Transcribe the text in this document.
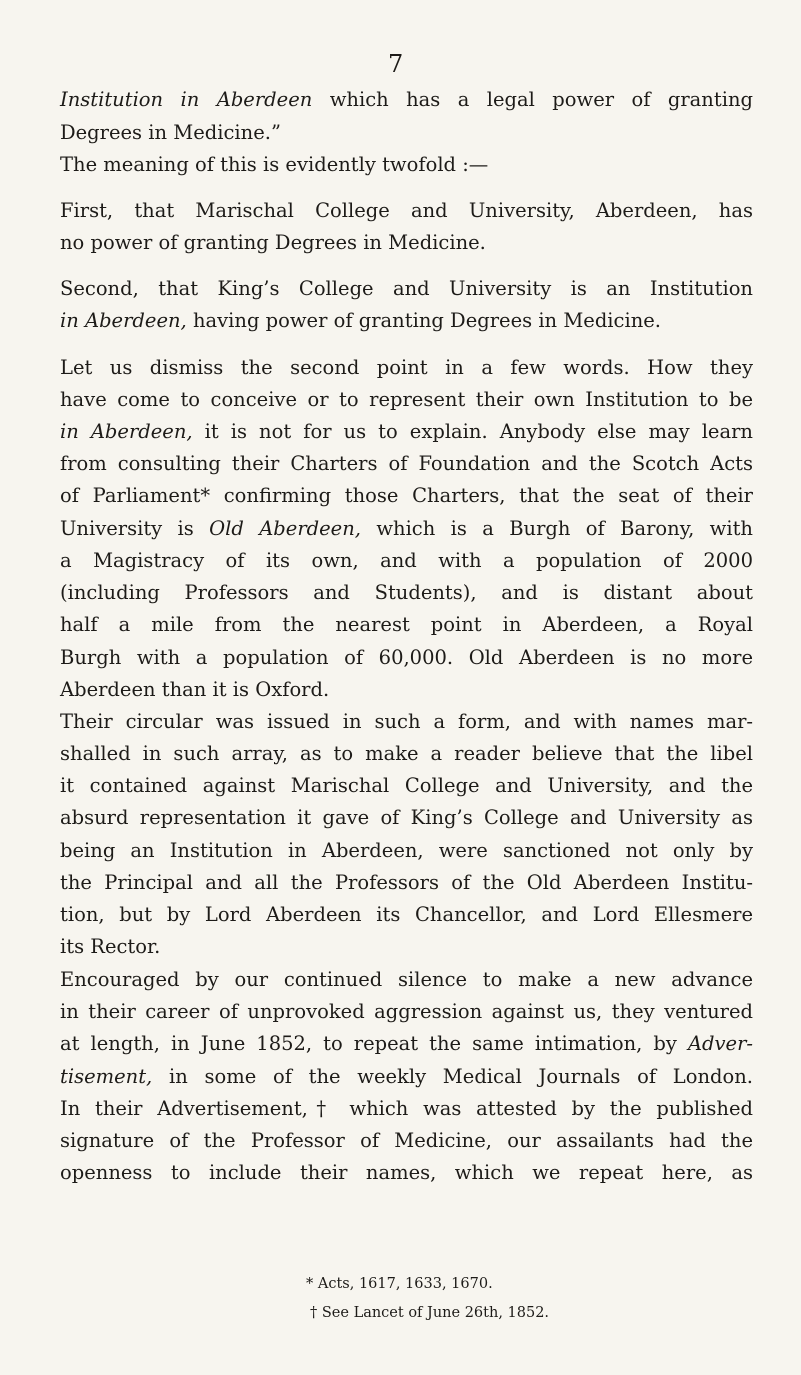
7
Institution in Aberdeen which has a legal power of granting
Degrees in Medicine.”
The meaning of this is evidently twofold :—
First, that Marischal College and University, Aberdeen, has
no power of granting Degrees in Medicine.
Second, that King’s College and University is an Institution
in Aberdeen, having power of granting Degrees in Medicine.
Let us dismiss the second point in a few words. How they
have come to conceive or to represent their own Institution to be
in Aberdeen, it is not for us to explain. Anybody else may learn
from consulting their Charters of Foundation and the Scotch Acts
of Parliament* confirming those Charters, that the seat of their
University is Old Aberdeen, which is a Burgh of Barony, with
a Magistracy of its own, and with a population of 2000
(including Professors and Students), and is distant about
half a mile from the nearest point in Aberdeen, a Royal
Burgh with a population of 60,000. Old Aberdeen is no more
Aberdeen than it is Oxford.
Their circular was issued in such a form, and with names mar-
shalled in such array, as to make a reader believe that the libel
it contained against Marischal College and University, and the
absurd representation it gave of King’s College and University as
being an Institution in Aberdeen, were sanctioned not only by
the Principal and all the Professors of the Old Aberdeen Institu-
tion, but by Lord Aberdeen its Chancellor, and Lord Ellesmere
its Rector.
Encouraged by our continued silence to make a new advance
in their career of unprovoked aggression against us, they ventured
at length, in June 1852, to repeat the same intimation, by Adver-
tisement, in some of the weekly Medical Journals of London.
In their Advertisement,† which was attested by the published
signature of the Professor of Medicine, our assailants had the
openness to include their names, which we repeat here, as
* Acts, 1617, 1633, 1670.
† See Lancet of June 26th, 1852.
